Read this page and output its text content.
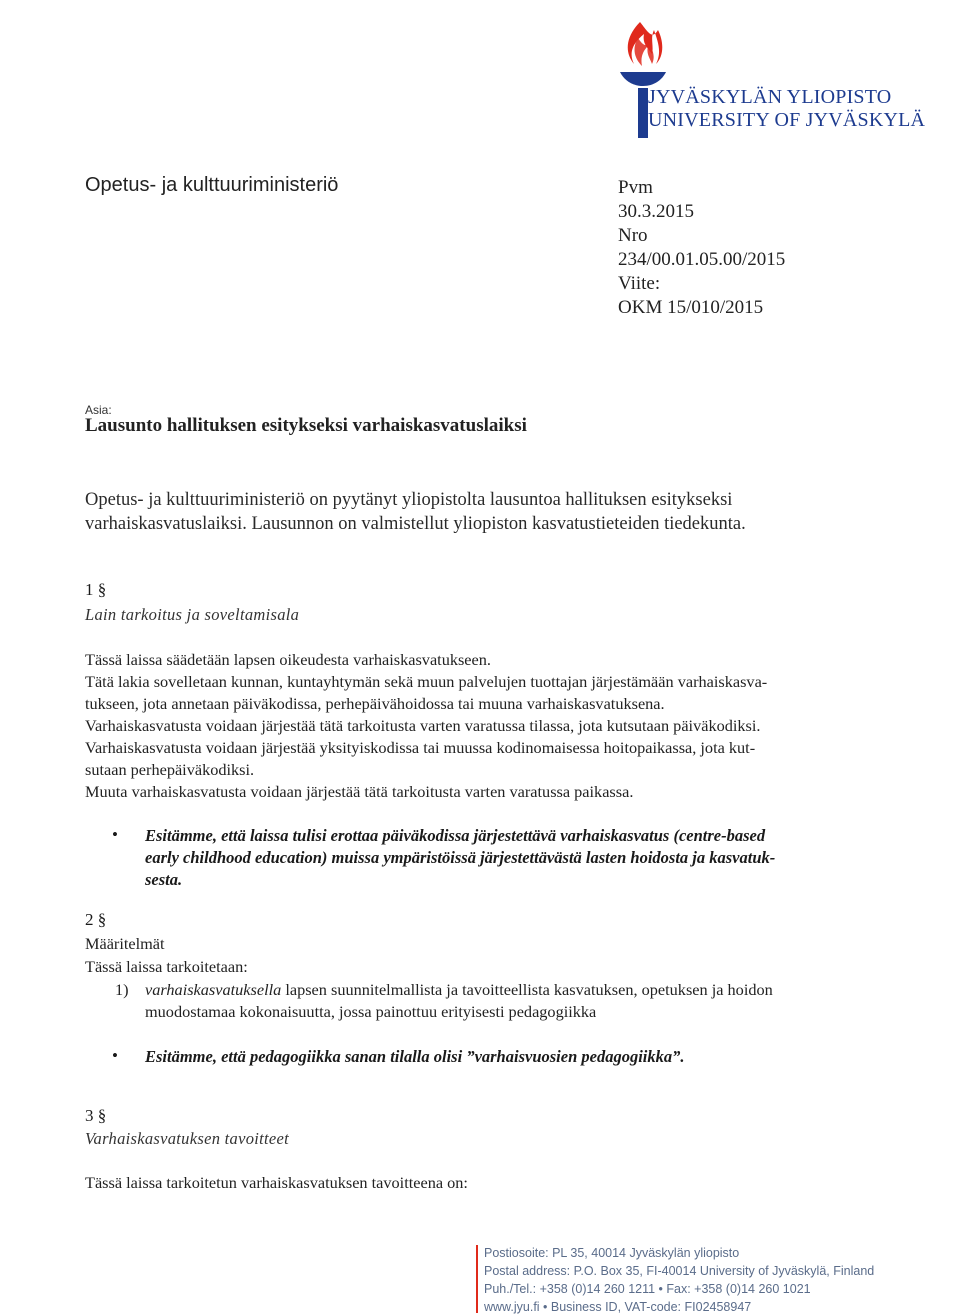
JYVÄSKYLÄN YLIOPISTO
UNIVERSITY OF JYVÄSKYLÄ
Opetus- ja kulttuuriministeriö	Pvm
30.3.2015
Nro
234/00.01.05.00/2015
Viite:
OKM 15/010/2015
Asia:
Lausunto hallituksen esitykseksi varhaiskasvatuslaiksi
Opetus- ja kulttuuriministeriö on pyytänyt yliopistolta lausuntoa hallituksen esitykseksi
varhaiskasvatuslaiksi. Lausunnon on valmistellut yliopiston kasvatustieteiden tiedekunta.
1 §
Lain tarkoitus ja soveltamisala
Tässä laissa säädetään lapsen oikeudesta varhaiskasvatukseen.
Tätä lakia sovelletaan kunnan, kuntayhtymän sekä muun palvelujen tuottajan järjestämään varhaiskasva-
tukseen, jota annetaan päiväkodissa, perhepäivähoidossa tai muuna varhaiskasvatuksena.
Varhaiskasvatusta voidaan järjestää tätä tarkoitusta varten varatussa tilassa, jota kutsutaan päiväkodiksi.
Varhaiskasvatusta voidaan järjestää yksityiskodissa tai muussa kodinomaisessa hoitopaikassa, jota kut-
sutaan perhepäiväkodiksi.
Muuta varhaiskasvatusta voidaan järjestää tätä tarkoitusta varten varatussa paikassa.
•	Esitämme, että laissa tulisi erottaa päiväkodissa järjestettävä varhaiskasvatus (centre-based
early childhood education) muissa ympäristöissä järjestettävästä lasten hoidosta ja kasvatuk-
sesta.
2 §
Määritelmät
Tässä laissa tarkoitetaan:
1) varhaiskasvatuksella lapsen suunnitelmallista ja tavoitteellista kasvatuksen, opetuksen ja hoidon
muodostamaa kokonaisuutta, jossa painottuu erityisesti pedagogiikka
•	Esitämme, että pedagogiikka sanan tilalla olisi ”varhaisvuosien pedagogiikka”.
3 §
Varhaiskasvatuksen tavoitteet
Tässä laissa tarkoitetun varhaiskasvatuksen tavoitteena on:
Postiosoite: PL 35, 40014 Jyväskylän yliopisto
Postal address: P.O. Box 35, FI-40014 University of Jyväskylä, Finland
Puh./Tel.: +358 (0)14 260 1211 • Fax: +358 (0)14 260 1021
www.jyu.fi • Business ID, VAT-code: FI02458947
